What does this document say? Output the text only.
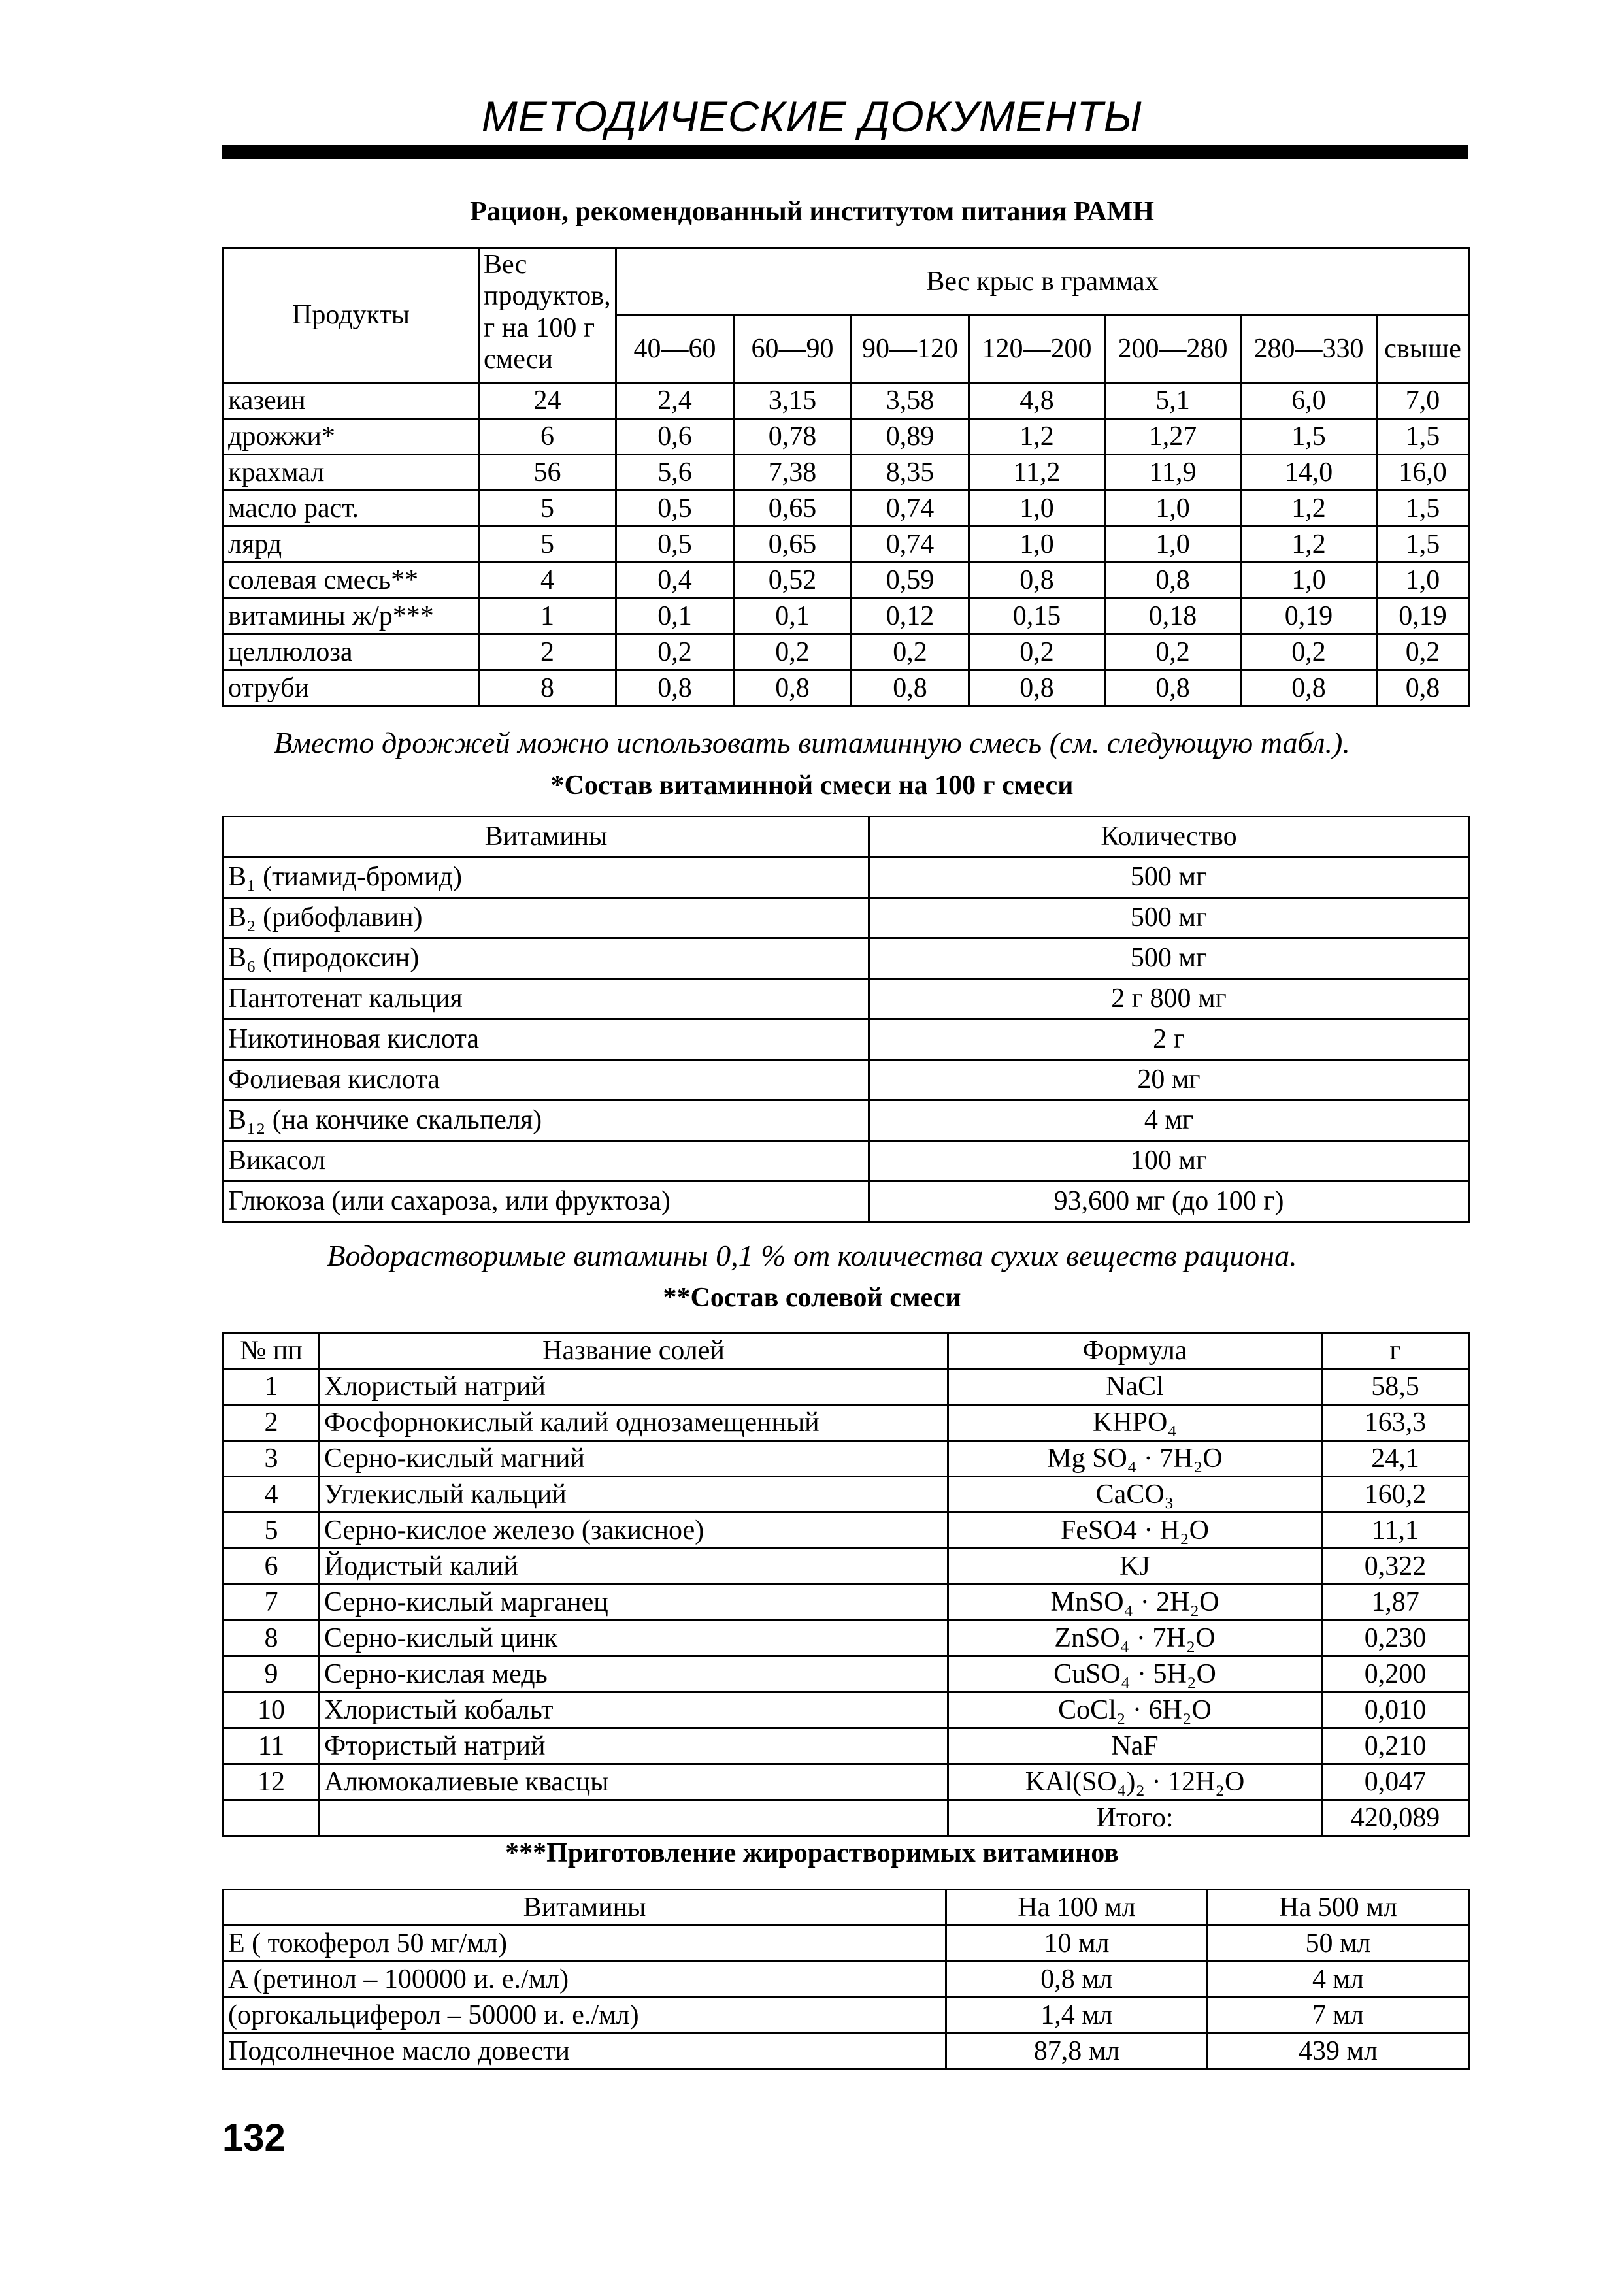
МЕТОДИЧЕСКИЕ ДОКУМЕНТЫ
Рацион, рекомендованный институтом питания РАМН
Продукты	Вес продуктов, г на 100 г смеси	Вес крыс в граммах						
		40—60	60—90	90—120	120—200	200—280	280—330	свыше
казеин	24	2,4	3,15	3,58	4,8	5,1	6,0	7,0
дрожжи*	6	0,6	0,78	0,89	1,2	1,27	1,5	1,5
крахмал	56	5,6	7,38	8,35	11,2	11,9	14,0	16,0
масло раст.	5	0,5	0,65	0,74	1,0	1,0	1,2	1,5
лярд	5	0,5	0,65	0,74	1,0	1,0	1,2	1,5
солевая смесь**	4	0,4	0,52	0,59	0,8	0,8	1,0	1,0
витамины ж/р***	1	0,1	0,1	0,12	0,15	0,18	0,19	0,19
целлюлоза	2	0,2	0,2	0,2	0,2	0,2	0,2	0,2
отруби	8	0,8	0,8	0,8	0,8	0,8	0,8	0,8
Вместо дрожжей можно использовать витаминную смесь (см. следующую табл.).
*Состав витаминной смеси на 100 г смеси
Витамины	Количество
B₁ (тиамид-бромид)	500 мг
B₂ (рибофлавин)	500 мг
B₆ (пиродоксин)	500 мг
Пантотенат кальция	2 г 800 мг
Никотиновая кислота	2 г
Фолиевая кислота	20 мг
B₁₂ (на кончике скальпеля)	4 мг
Викасол	100 мг
Глюкоза (или сахароза, или фруктоза)	93,600 мг (до 100 г)
Водорастворимые витамины 0,1 % от количества сухих веществ рациона.
**Состав солевой смеси
№ пп	Название солей	Формула	г
1	Хлористый натрий	NaCl	58,5
2	Фосфорнокислый калий однозамещенный	KHPO₄	163,3
3	Серно-кислый магний	Mg SO₄ · 7H₂O	24,1
4	Углекислый кальций	CaCO₃	160,2
5	Серно-кислое железо (закисное)	FeSO4 · H₂O	11,1
6	Йодистый калий	KJ	0,322
7	Серно-кислый марганец	MnSO₄ · 2H₂O	1,87
8	Серно-кислый цинк	ZnSO₄ · 7H₂O	0,230
9	Серно-кислая медь	CuSO₄ · 5H₂O	0,200
10	Хлористый кобальт	CoCl₂ · 6H₂O	0,010
11	Фтористый натрий	NaF	0,210
12	Алюмокалиевые квасцы	KAl(SO₄)₂ · 12H₂O	0,047
		Итого:	420,089
***Приготовление жирорастворимых витаминов
Витамины	На 100 мл	На 500 мл
E ( токоферол 50 мг/мл)	10 мл	50 мл
A (ретинол – 100000 и. е./мл)	0,8 мл	4 мл
(оргокальциферол – 50000 и. е./мл)	1,4 мл	7 мл
Подсолнечное масло довести	87,8 мл	439 мл
132
